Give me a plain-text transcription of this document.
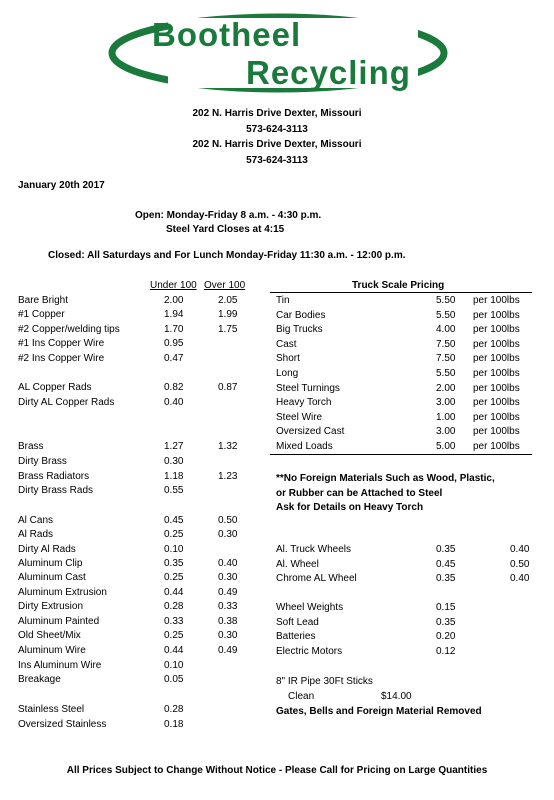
Bootheel
Recycling
202 N. Harris Drive Dexter, Missouri
573-624-3113
202 N. Harris Drive Dexter, Missouri
573-624-3113
January 20th 2017
Open: Monday-Friday 8 a.m. - 4:30 p.m.
Steel Yard Closes at 4:15
Closed: All Saturdays and For Lunch Monday-Friday 11:30 a.m. - 12:00 p.m.
Under 100 Over 100
Bare Bright	2.00	2.05
#1 Copper	1.94	1.99
#2 Copper/welding tips	1.70	1.75
#1 Ins Copper Wire	0.95
#2 Ins Copper Wire	0.47
AL Copper Rads	0.82	0.87
Dirty AL Copper Rads	0.40
Brass	1.27	1.32
Dirty Brass	0.30
Brass Radiators	1.18	1.23
Dirty Brass Rads	0.55
Al Cans	0.45	0.50
Al Rads	0.25	0.30
Dirty Al Rads	0.10
Aluminum Clip	0.35	0.40
Aluminum Cast	0.25	0.30
Aluminum Extrusion	0.44	0.49
Dirty Extrusion	0.28	0.33
Aluminum Painted	0.33	0.38
Old Sheet/Mix	0.25	0.30
Aluminum Wire	0.44	0.49
Ins Aluminum Wire	0.10
Breakage	0.05
Stainless Steel	0.28
Oversized Stainless	0.18
Truck Scale Pricing
Tin	5.50 per 100lbs
Car Bodies	5.50 per 100lbs
Big Trucks	4.00 per 100lbs
Cast	7.50 per 100lbs
Short	7.50 per 100lbs
Long	5.50 per 100lbs
Steel Turnings	2.00 per 100lbs
Heavy Torch	3.00 per 100lbs
Steel Wire	1.00 per 100lbs
Oversized Cast	3.00 per 100lbs
Mixed Loads	5.00 per 100lbs
**No Foreign Materials Such as Wood, Plastic,
or Rubber can be Attached to Steel
Ask for Details on Heavy Torch
Al. Truck Wheels	0.35	0.40
Al. Wheel	0.45	0.50
Chrome AL Wheel	0.35	0.40
Wheel Weights	0.15
Soft Lead	0.35
Batteries	0.20
Electric Motors	0.12
8" IR Pipe 30Ft Sticks
Clean	$14.00
Gates, Bells and Foreign Material Removed
All Prices Subject to Change Without Notice - Please Call for Pricing on Large Quantities
